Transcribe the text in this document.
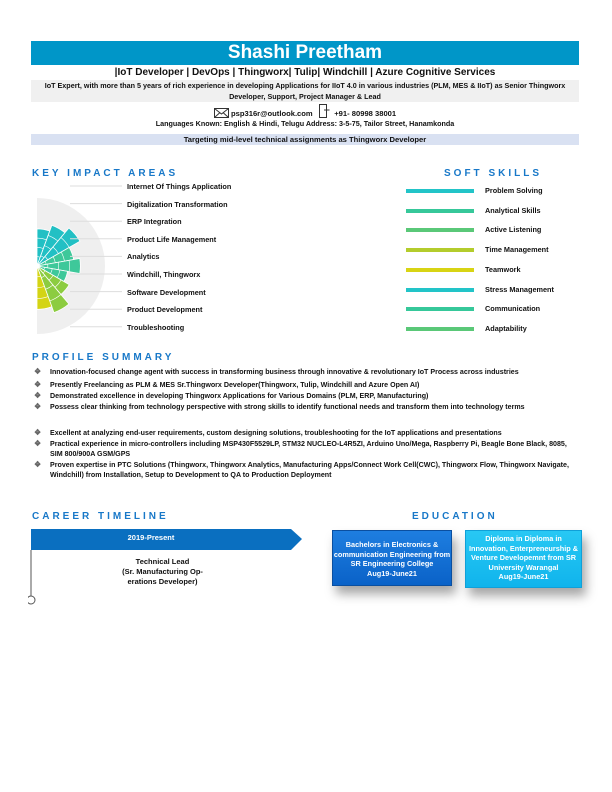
Shashi Preetham
|IoT Developer | DevOps | Thingworx| Tulip| Windchill | Azure Cognitive Services
IoT Expert, with more than 5 years of rich experience in developing Applications for IIoT 4.0 in various industries (PLM, MES & IIoT) as Senior Thingworx Developer, Support, Project Manager & Lead
psp316r@outlook.com	+91- 80998 38001
Languages Known: English & Hindi, Telugu Address: 3-5-75, Tailor Street, Hanamkonda
Targeting mid-level technical assignments as Thingworx Developer
KEY IMPACT AREAS
Internet Of Things Application
Digitalization Transformation
ERP Integration
Product Life Management
Analytics
Windchill, Thingworx
Software Development
Product Development
Troubleshooting
SOFT SKILLS
Problem Solving
Analytical Skills
Active Listening
Time Management
Teamwork
Stress Management
Communication
Adaptability
PROFILE SUMMARY
❖ Innovation-focused change agent with success in transforming business through innovative & revolutionary IoT Process across industries
❖ Presently Freelancing as PLM & MES Sr.Thingworx Developer(Thingworx, Tulip, Windchill and Azure Open AI)
❖ Demonstrated excellence in developing Thingworx Applications for Various Domains (PLM, ERP, Manufacturing)
❖ Possess clear thinking from technology perspective with strong skills to identify functional needs and transform them into technology terms
❖ Excellent at analyzing end-user requirements, custom designing solutions, troubleshooting for the IoT applications and presentations
❖ Practical experience in micro-controllers including MSP430F5529LP, STM32 NUCLEO-L4R5ZI, Arduino Uno/Mega, Raspberry Pi, Beagle Bone Black, 8085, SIM 800/900A GSM/GPS
❖ Proven expertise in PTC Solutions (Thingworx, Thingworx Analytics, Manufacturing Apps/Connect Work Cell(CWC), Thingworx Flow, Thingworx Navigate, Windchill) from Installation, Setup to Development to QA to Production Deployment
CAREER TIMELINE
2019-Present
Technical Lead
(Sr. Manufacturing Op-erations Developer)
EDUCATION
Bachelors in Electronics & communication Engineering from SR Engineering College
Aug19-June21
Diploma in Diploma in Innovation, Enterpreneurship & Venture Developemnt from SR University Warangal
Aug19-June21
